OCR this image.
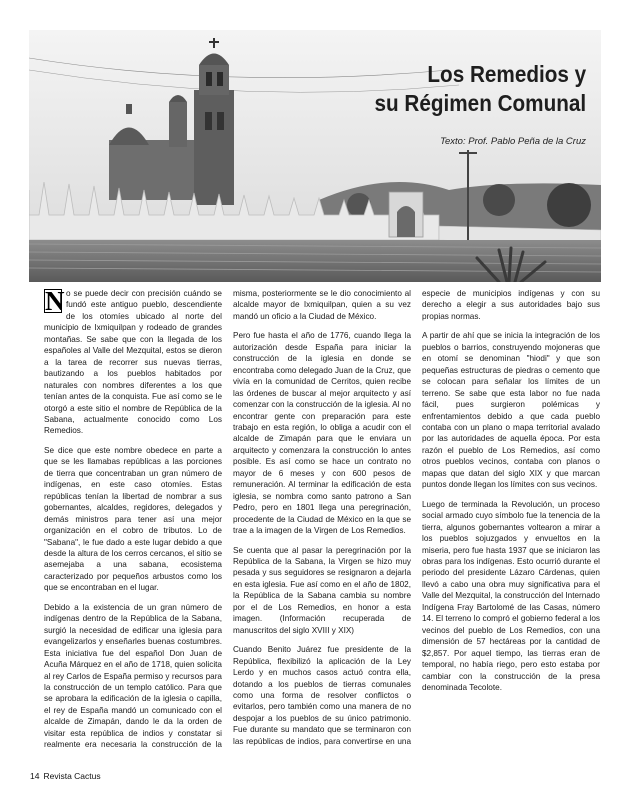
Los Remedios y
su Régimen Comunal
Texto: Prof. Pablo Peña de la Cruz

N o se puede decir con precisión cuándo se fundó este antiguo pueblo, descendiente de los otomíes ubicado al norte del municipio de Ixmiquilpan y rodeado de grandes montañas. Se sabe que con la llegada de los españoles al Valle del Mezquital, estos se dieron a la tarea de recorrer sus nuevas tierras, bautizando a los pueblos habitados por naturales con nombres diferentes a los que tenían antes de la conquista. Fue así como se le otorgó a este sitio el nombre de República de la Sabana, actualmente conocido como Los Remedios.

Se dice que este nombre obedece en parte a que se les llamabas repúblicas a las porciones de tierra que concentraban un gran número de indígenas, en este caso otomíes. Estas repúblicas tenían la libertad de nombrar a sus gobernantes, alcaldes, regidores, delegados y demás ministros para tener así una mejor organización en el cobro de tributos. Lo de "Sabana", le fue dado a este lugar debido a que desde la altura de los cerros cercanos, el sitio se asemejaba a una sabana, ecosistema caracterizado por pequeños arbustos como los que se encontraban en el lugar.

Debido a la existencia de un gran número de indígenas dentro de la República de la Sabana, surgió la necesidad de edificar una iglesia para evangelizarlos y enseñarles buenas costumbres. Esta iniciativa fue del español Don Juan de Acuña Márquez en el año de 1718, quien solicita al rey Carlos de España permiso y recursos para la construcción de un templo católico. Para que se aprobara la edificación de la iglesia o capilla, el rey de España mandó un comunicado con el alcalde de Zimapán, dando le da la orden de visitar esta república de indios y constatar si realmente era necesaria la construcción de la misma, posteriormente se le dio conocimiento al alcalde mayor de Ixmiquilpan, quien a su vez mandó un oficio a la Ciudad de México.

Pero fue hasta el año de 1776, cuando llega la autorización desde España para iniciar la construcción de la iglesia en donde se encontraba como delegado Juan de la Cruz, que vivía en la comunidad de Cerritos, quien recibe las órdenes de buscar al mejor arquitecto y así comenzar con la construcción de la iglesia. Al no encontrar gente con preparación para este trabajo en esta región, lo obliga a acudir con el alcalde de Zimapán para que le enviara un arquitecto y comenzara la construcción lo antes posible. Es así como se hace un contrato no mayor de 6 meses y con 600 pesos de remuneración. Al terminar la edificación de esta iglesia, se nombra como santo patrono a San Pedro, pero en 1801 llega una peregrinación, procedente de la Ciudad de México en la que se trae a la imagen de la Virgen de Los Remedios.

Se cuenta que al pasar la peregrinación por la República de la Sabana, la Virgen se hizo muy pesada y sus seguidores se resignaron a dejarla en esta iglesia. Fue así como en el año de 1802, la República de la Sabana cambia su nombre por el de Los Remedios, en honor a esta imagen. (Información recuperada de manuscritos del siglo XVIII y XIX)

Cuando Benito Juárez fue presidente de la República, flexibilizó la aplicación de la Ley Lerdo y en muchos casos actuó contra ella, dotando a los pueblos de tierras comunales como una forma de resolver conflictos o evitarlos, pero también como una manera de no despojar a los pueblos de su único patrimonio. Fue durante su mandato que se terminaron con las repúblicas de indios, para convertirse en una especie de municipios indígenas y con su derecho a elegir a sus autoridades bajo sus propias normas.

A partir de ahí que se inicia la integración de los pueblos o barrios, construyendo mojoneras que en otomí se denominan "hiodi" y que son pequeñas estructuras de piedras o cemento que se colocan para señalar los límites de un terreno. Se sabe que esta labor no fue nada fácil, pues surgieron polémicas y enfrentamientos debido a que cada pueblo contaba con un plano o mapa territorial avalado por las autoridades de aquella época. Por esta razón el pueblo de Los Remedios, así como otros pueblos vecinos, contaba con planos o mapas que datan del siglo XIX y que marcan puntos donde llegan los límites con sus vecinos.

Luego de terminada la Revolución, un proceso social armado cuyo símbolo fue la tenencia de la tierra, algunos gobernantes voltearon a mirar a los pueblos sojuzgados y envueltos en la miseria, pero fue hasta 1937 que se iniciaron las obras para los indígenas. Esto ocurrió durante el periodo del presidente Lázaro Cárdenas, quien llevó a cabo una obra muy significativa para el Valle del Mezquital, la construcción del Internado Indígena Fray Bartolomé de las Casas, número 14. El terreno lo compró el gobierno federal a los vecinos del pueblo de Los Remedios, con una dimensión de 57 hectáreas por la cantidad de $2,857. Por aquel tiempo, las tierras eran de temporal, no había riego, pero esto estaba por cambiar con la construcción de la presa denominada Tecolote.

14 Revista Cactus
